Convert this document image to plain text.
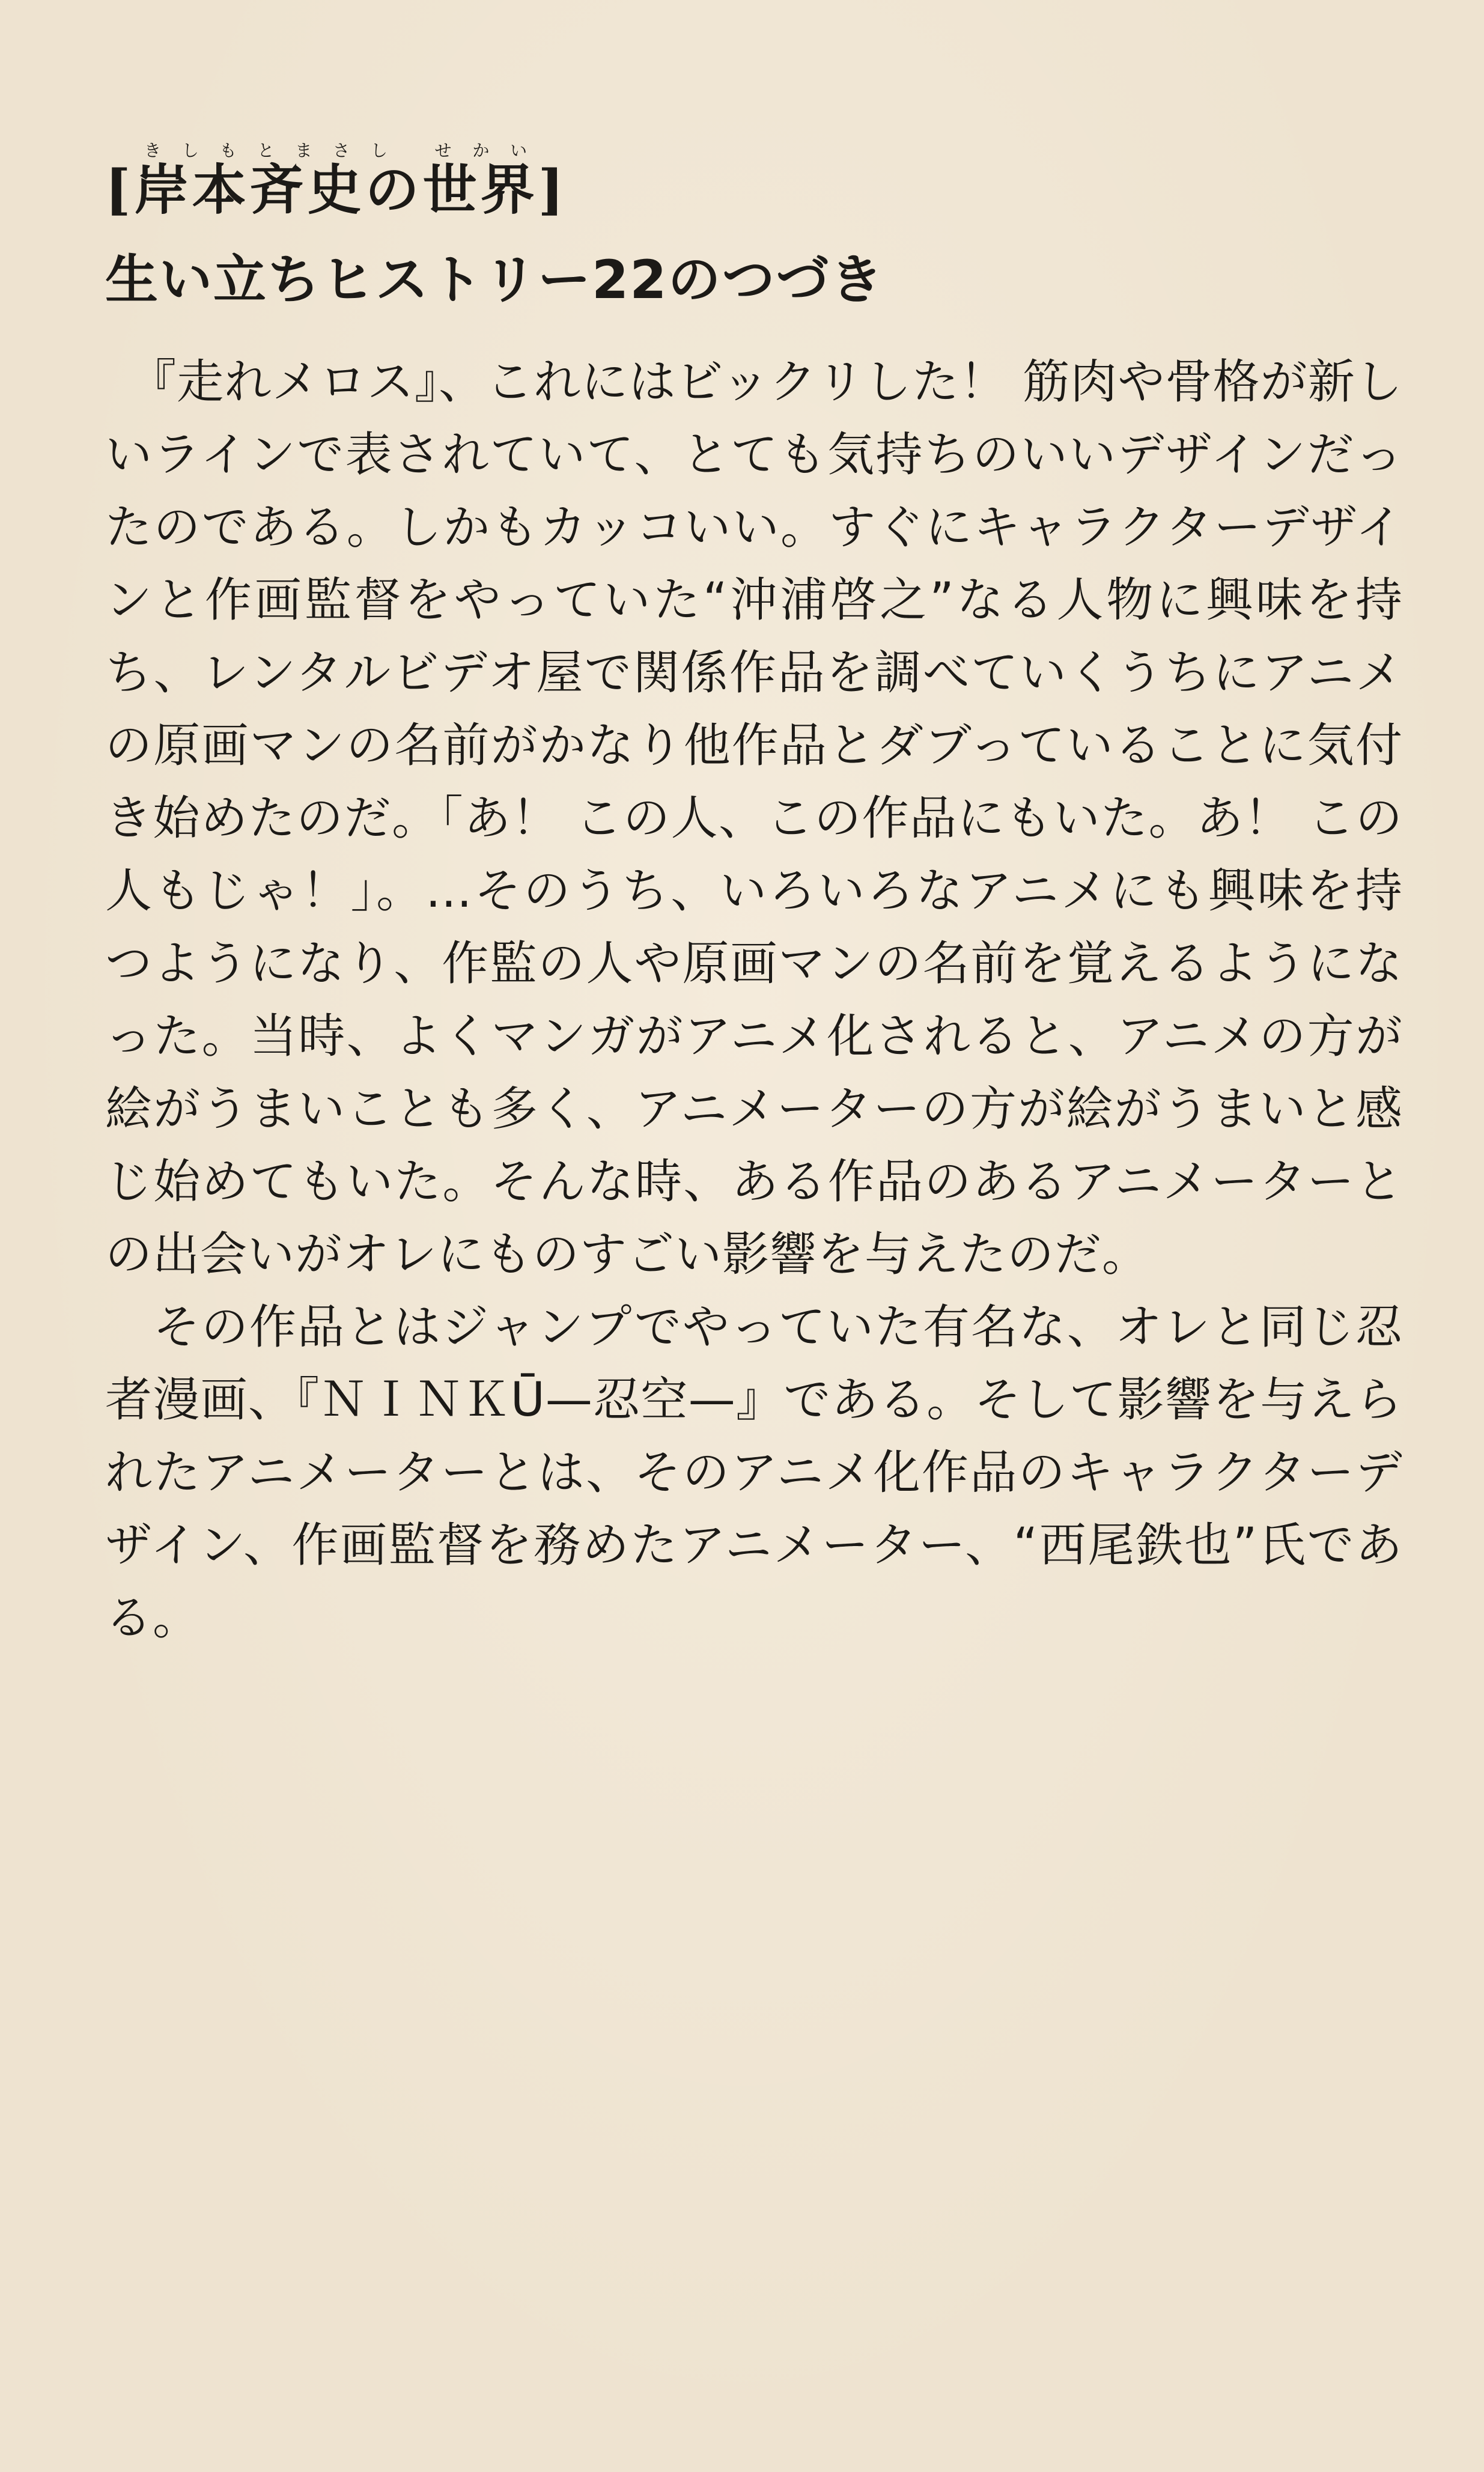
[岸本斉史の世界きしもとまさし せかい]
生い立ちヒストリー22のつづき

　『走れメロス』、これにはビックリした！ 筋肉や骨格が新しいラインで表されていて、とても気持ちのいいデザインだったのである。しかもカッコいい。すぐにキャラクターデザインと作画監督をやっていた“沖浦啓之”なる人物に興味を持ち、レンタルビデオ屋で関係作品を調べていくうちにアニメの原画マンの名前がかなり他作品とダブっていることに気付き始めたのだ。「あ！ この人、この作品にもいた。あ！ この人もじゃ！」。…そのうち、いろいろなアニメにも興味を持つようになり、作監の人や原画マンの名前を覚えるようになった。当時、よくマンガがアニメ化されると、アニメの方が絵がうまいことも多く、アニメーターの方が絵がうまいと感じ始めてもいた。そんな時、ある作品のあるアニメーターとの出会いがオレにものすごい影響を与えたのだ。

　その作品とはジャンプでやっていた有名な、オレと同じ忍者漫画、『ＮＩＮＫŪ—忍空—』である。そして影響を与えられたアニメーターとは、そのアニメ化作品のキャラクターデザイン、作画監督を務めたアニメーター、“西尾鉄也”氏である。
